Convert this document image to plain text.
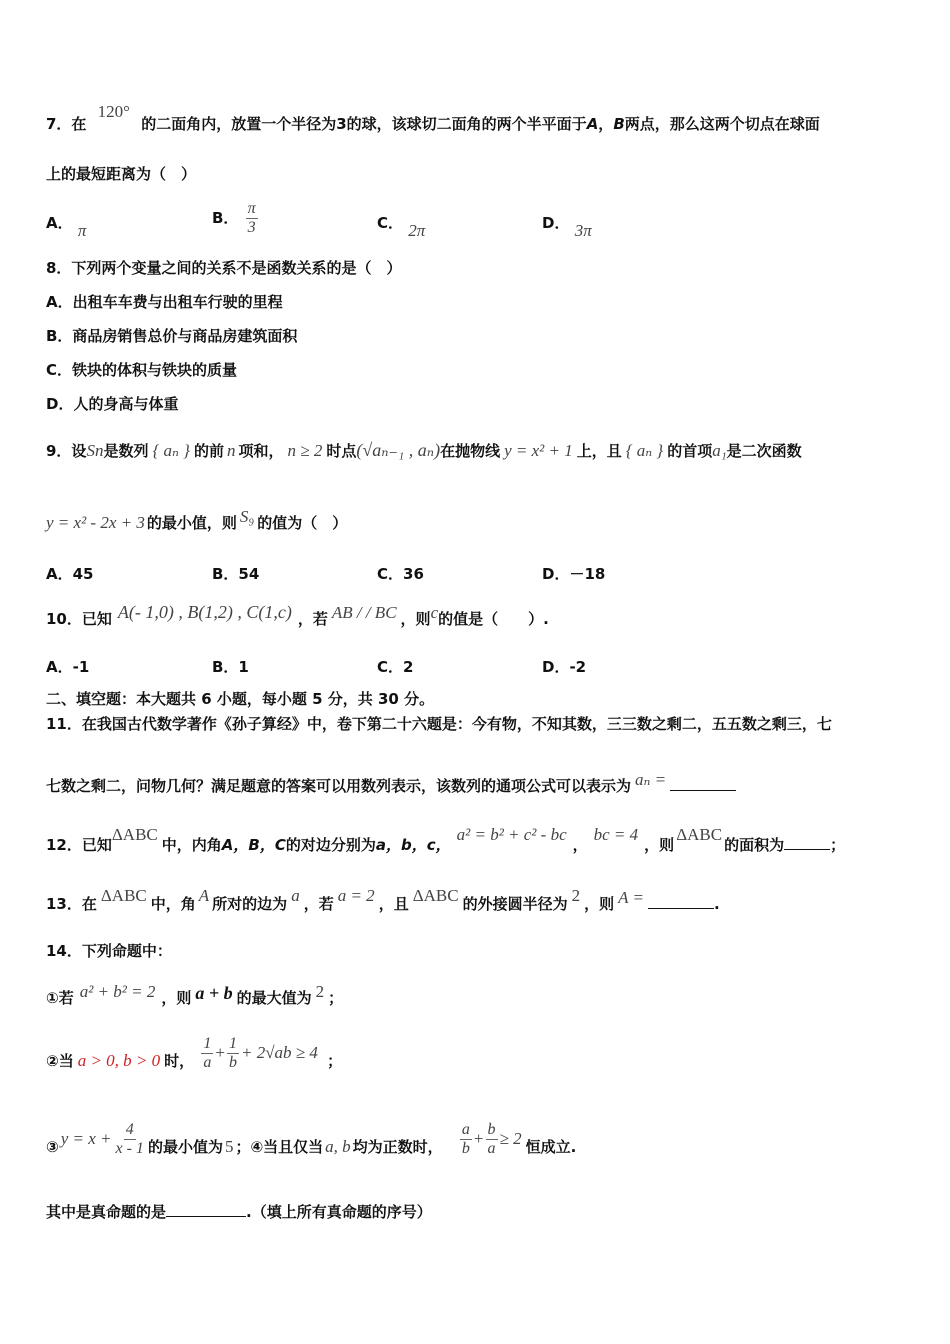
7．在 120° 的二面角内，放置一个半径为3的球，该球切二面角的两个半平面于A，B两点，那么这两个切点在球面
上的最短距离为（　）
A． π
B． $\frac{\pi}{3}$	C． 2π	D． 3π
8．下列两个变量之间的关系不是函数关系的是（　）
A．出租车车费与出租车行驶的里程
B．商品房销售总价与商品房建筑面积
C．铁块的体积与铁块的质量
D．人的身高与体重
9．设Sn是数列 { aₙ } 的前 n 项和， n ≥ 2 时点(√aₙ₋₁ , aₙ)在抛物线 y = x² + 1 上，且 { aₙ } 的首项a₁是二次函数
y = x² - 2x + 3 的最小值，则 S₉ 的值为（　）
A．45	B．54	C．36	D．－18
10．已知 A(- 1,0) , B(1,2) , C(1,c) ，若 AB / / BC ，则c的值是（　　）.
A．-1	B．1	C．2	D．-2
二、填空题：本大题共 6 小题，每小题 5 分，共 30 分。
11．在我国古代数学著作《孙子算经》中，卷下第二十六题是：今有物，不知其数，三三数之剩二，五五数之剩三，七
七数之剩二，问物几何？满足题意的答案可以用数列表示，该数列的通项公式可以表示为 aₙ =
12．已知ΔABC中，内角A，B，C的对边分别为a，b，c，a² = b² + c² - bc，bc = 4，则ΔABC的面积为	；
13．在 ΔABC 中，角 A 所对的边为 a ，若 a = 2 ，且 ΔABC 的外接圆半径为 2 ，则 A =	.
14．下列命题中：
①若 a² + b² = 2 ，则 a + b 的最大值为 2 ；
②当 a > 0, b > 0 时， $\frac{1}{a} + \frac{1}{b} + 2√ab \ge 4$ ；
③ $y = x + \frac{4}{x - 1}$ 的最小值为 5 ；④当且仅当 a, b 均为正数时， $\frac{a}{b} + \frac{b}{a} \ge 2$ 恒成立.
其中是真命题的是	.（填上所有真命题的序号）
